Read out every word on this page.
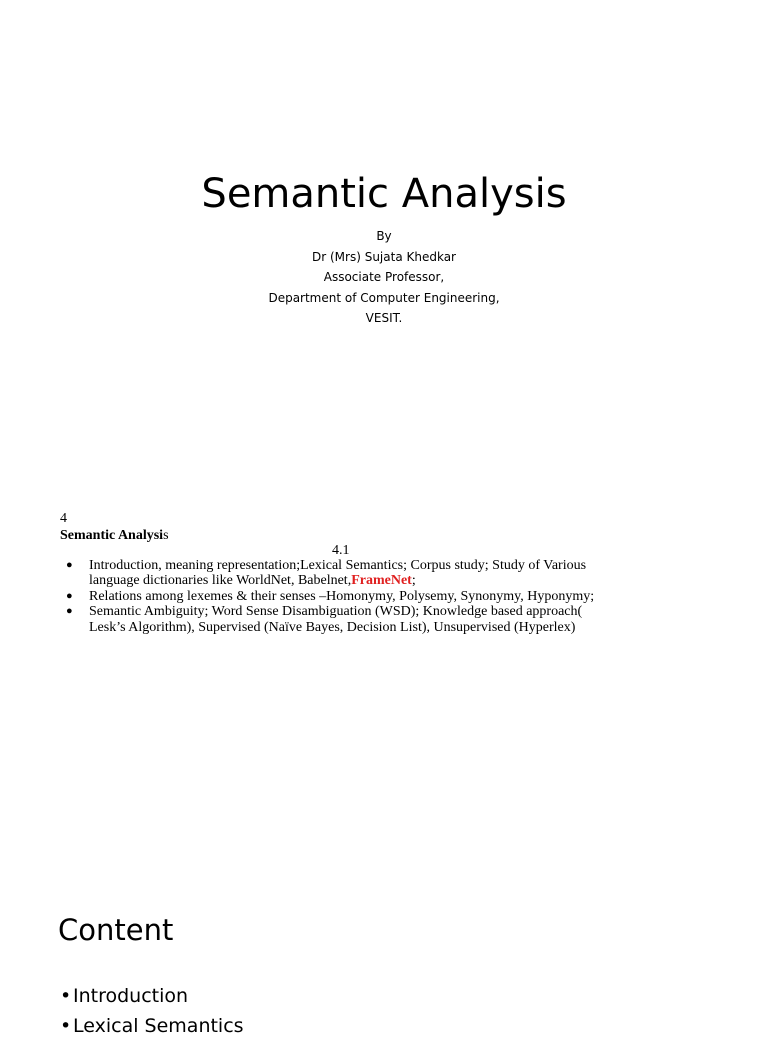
Semantic Analysis
By
Dr (Mrs) Sujata Khedkar
Associate Professor,
Department of Computer Engineering,
VESIT.
4
Semantic Analysis
4.1
● Introduction, meaning representation;Lexical Semantics; Corpus study; Study of Various language dictionaries like WorldNet, Babelnet,FrameNet;
● Relations among lexemes & their senses –Homonymy, Polysemy, Synonymy, Hyponymy;
● Semantic Ambiguity; Word Sense Disambiguation (WSD); Knowledge based approach( Lesk’s Algorithm), Supervised (Naïve Bayes, Decision List), Unsupervised (Hyperlex)
Content
• Introduction
• Lexical Semantics
